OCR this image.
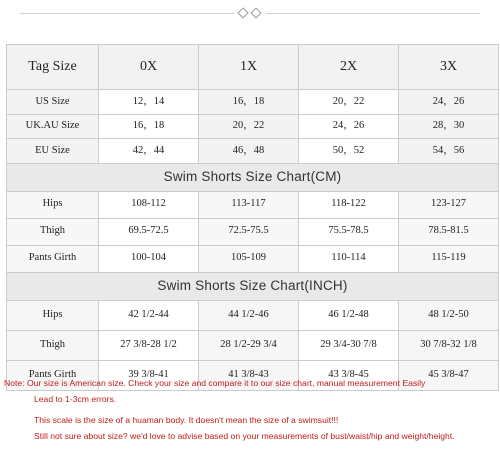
Tag Size	0X	1X	2X	3X
US Size	12，14	16，18	20，22	24，26
UK.AU Size	16，18	20，22	24，26	28，30
EU Size	42，44	46，48	50，52	54，56
Swim Shorts Size Chart(CM)				
Hips	108-112	113-117	118-122	123-127
Thigh	69.5-72.5	72.5-75.5	75.5-78.5	78.5-81.5
Pants Girth	100-104	105-109	110-114	115-119
Swim Shorts Size Chart(INCH)				
Hips	42 1/2-44	44 1/2-46	46 1/2-48	48 1/2-50
Thigh	27 3/8-28 1/2	28 1/2-29 3/4	29 3/4-30 7/8	30 7/8-32 1/8
Pants Girth	39 3/8-41	41 3/8-43	43 3/8-45	45 3/8-47
Note: Our size is American size. Check your size and compare it to our size chart, manual measurement Easily
Lead to 1-3cm errors.
This scale is the size of a huaman body. It doesn't mean the size of a swimsuit!!!
Still not sure about size? we'd love to advise based on your measurements of bust/waist/hip and weight/height.
